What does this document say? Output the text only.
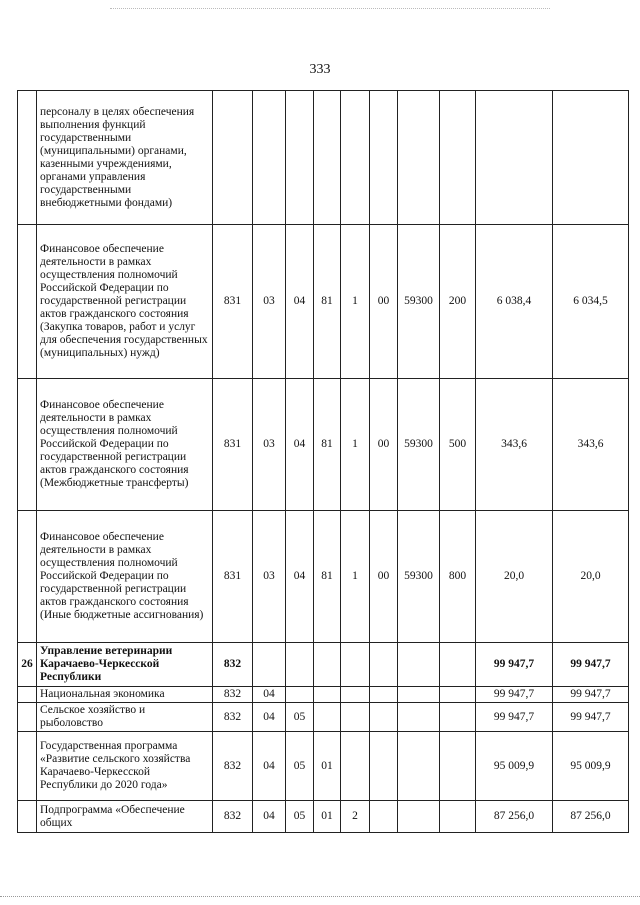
333
	персоналу в целях обеспечения выполнения функций государственными (муниципальными) органами, казенными учреждениями, органами управления государственными внебюджетными фондами)										
	Финансовое обеспечение деятельности в рамках осуществления полномочий Российской Федерации по государственной регистрации актов гражданского состояния (Закупка товаров, работ и услуг для обеспечения государственных (муниципальных) нужд)	831	03	04	81	1	00	59300	200	6 038,4	6 034,5
	Финансовое обеспечение деятельности в рамках осуществления полномочий Российской Федерации по государственной регистрации актов гражданского состояния (Межбюджетные трансферты)	831	03	04	81	1	00	59300	500	343,6	343,6
	Финансовое обеспечение деятельности в рамках осуществления полномочий Российской Федерации по государственной регистрации актов гражданского состояния (Иные бюджетные ассигнования)	831	03	04	81	1	00	59300	800	20,0	20,0
26	Управление ветеринарии Карачаево-Черкесской Республики	832								99 947,7	99 947,7
	Национальная экономика	832	04							99 947,7	99 947,7
	Сельское хозяйство и рыболовство	832	04	05						99 947,7	99 947,7
	Государственная программа «Развитие сельского хозяйства Карачаево-Черкесской Республики до 2020 года»	832	04	05	01					95 009,9	95 009,9
	Подпрограмма «Обеспечение общих	832	04	05	01	2				87 256,0	87 256,0
